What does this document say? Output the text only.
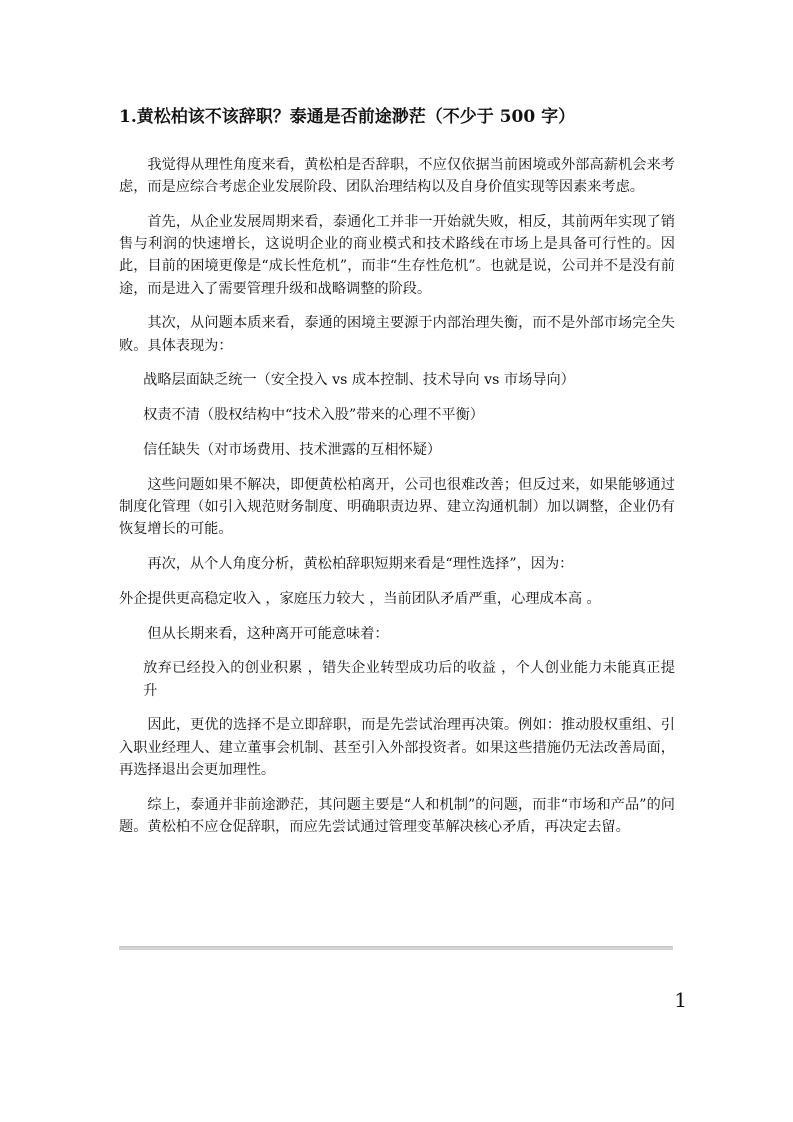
1.黄松柏该不该辞职？泰通是否前途渺茫（不少于 500 字）

我觉得从理性角度来看，黄松柏是否辞职，不应仅依据当前困境或外部高薪机会来考虑，而是应综合考虑企业发展阶段、团队治理结构以及自身价值实现等因素来考虑。

首先，从企业发展周期来看，泰通化工并非一开始就失败，相反，其前两年实现了销售与利润的快速增长，这说明企业的商业模式和技术路线在市场上是具备可行性的。因此，目前的困境更像是“成长性危机”，而非“生存性危机”。也就是说，公司并不是没有前途，而是进入了需要管理升级和战略调整的阶段。

其次，从问题本质来看，泰通的困境主要源于内部治理失衡，而不是外部市场完全失败。具体表现为：

战略层面缺乏统一（安全投入 vs 成本控制、技术导向 vs 市场导向）

权责不清（股权结构中“技术入股”带来的心理不平衡）

信任缺失（对市场费用、技术泄露的互相怀疑）

这些问题如果不解决，即便黄松柏离开，公司也很难改善；但反过来，如果能够通过制度化管理（如引入规范财务制度、明确职责边界、建立沟通机制）加以调整，企业仍有恢复增长的可能。

再次，从个人角度分析，黄松柏辞职短期来看是“理性选择”，因为：

外企提供更高稳定收入 ，家庭压力较大 ，当前团队矛盾严重，心理成本高 。

但从长期来看，这种离开可能意味着：

放弃已经投入的创业积累 ，错失企业转型成功后的收益 ，个人创业能力未能真正提升

因此，更优的选择不是立即辞职，而是先尝试治理再决策。例如：推动股权重组、引入职业经理人、建立董事会机制、甚至引入外部投资者。如果这些措施仍无法改善局面，再选择退出会更加理性。

综上，泰通并非前途渺茫，其问题主要是“人和机制”的问题，而非“市场和产品”的问题。黄松柏不应仓促辞职，而应先尝试通过管理变革解决核心矛盾，再决定去留。

1
